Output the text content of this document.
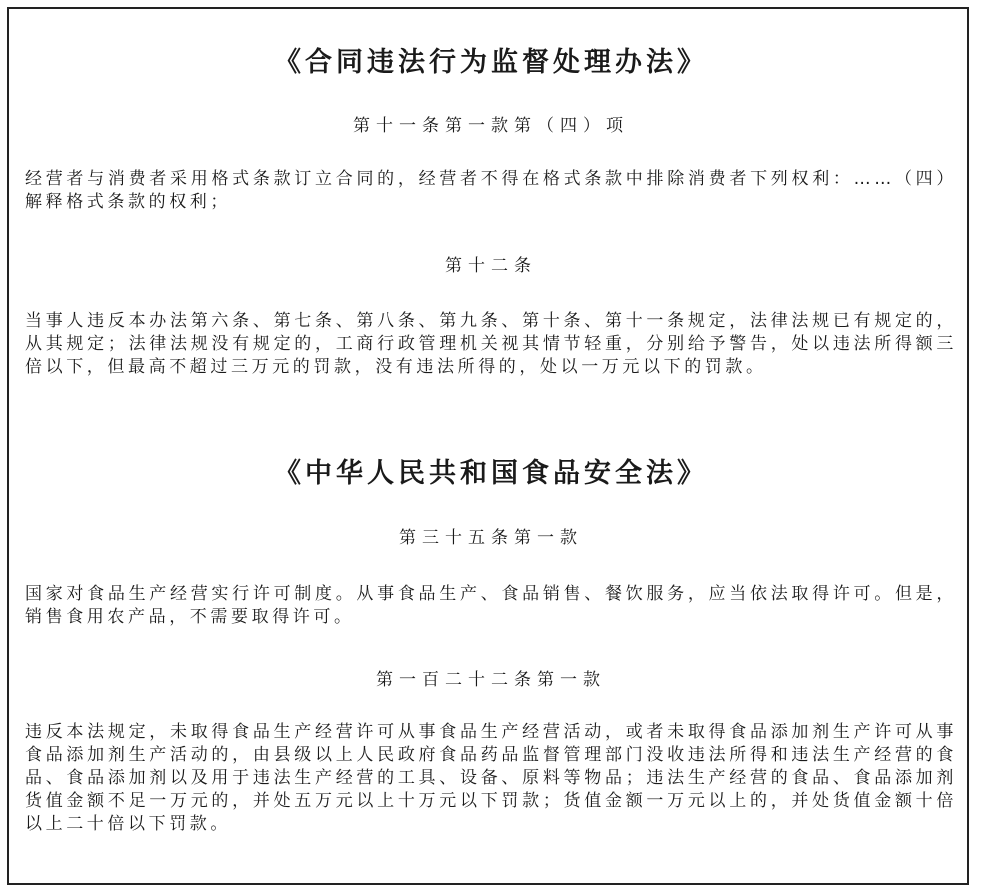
《合同违法行为监督处理办法》

第十一条第一款第（四）项

经营者与消费者采用格式条款订立合同的，经营者不得在格式条款中排除消费者下列权利：……（四）解释格式条款的权利；

第十二条

当事人违反本办法第六条、第七条、第八条、第九条、第十条、第十一条规定，法律法规已有规定的，从其规定；法律法规没有规定的，工商行政管理机关视其情节轻重，分别给予警告，处以违法所得额三倍以下，但最高不超过三万元的罚款，没有违法所得的，处以一万元以下的罚款。

《中华人民共和国食品安全法》

第三十五条第一款

国家对食品生产经营实行许可制度。从事食品生产、食品销售、餐饮服务，应当依法取得许可。但是，销售食用农产品，不需要取得许可。

第一百二十二条第一款

违反本法规定，未取得食品生产经营许可从事食品生产经营活动，或者未取得食品添加剂生产许可从事食品添加剂生产活动的，由县级以上人民政府食品药品监督管理部门没收违法所得和违法生产经营的食品、食品添加剂以及用于违法生产经营的工具、设备、原料等物品；违法生产经营的食品、食品添加剂货值金额不足一万元的，并处五万元以上十万元以下罚款；货值金额一万元以上的，并处货值金额十倍以上二十倍以下罚款。
